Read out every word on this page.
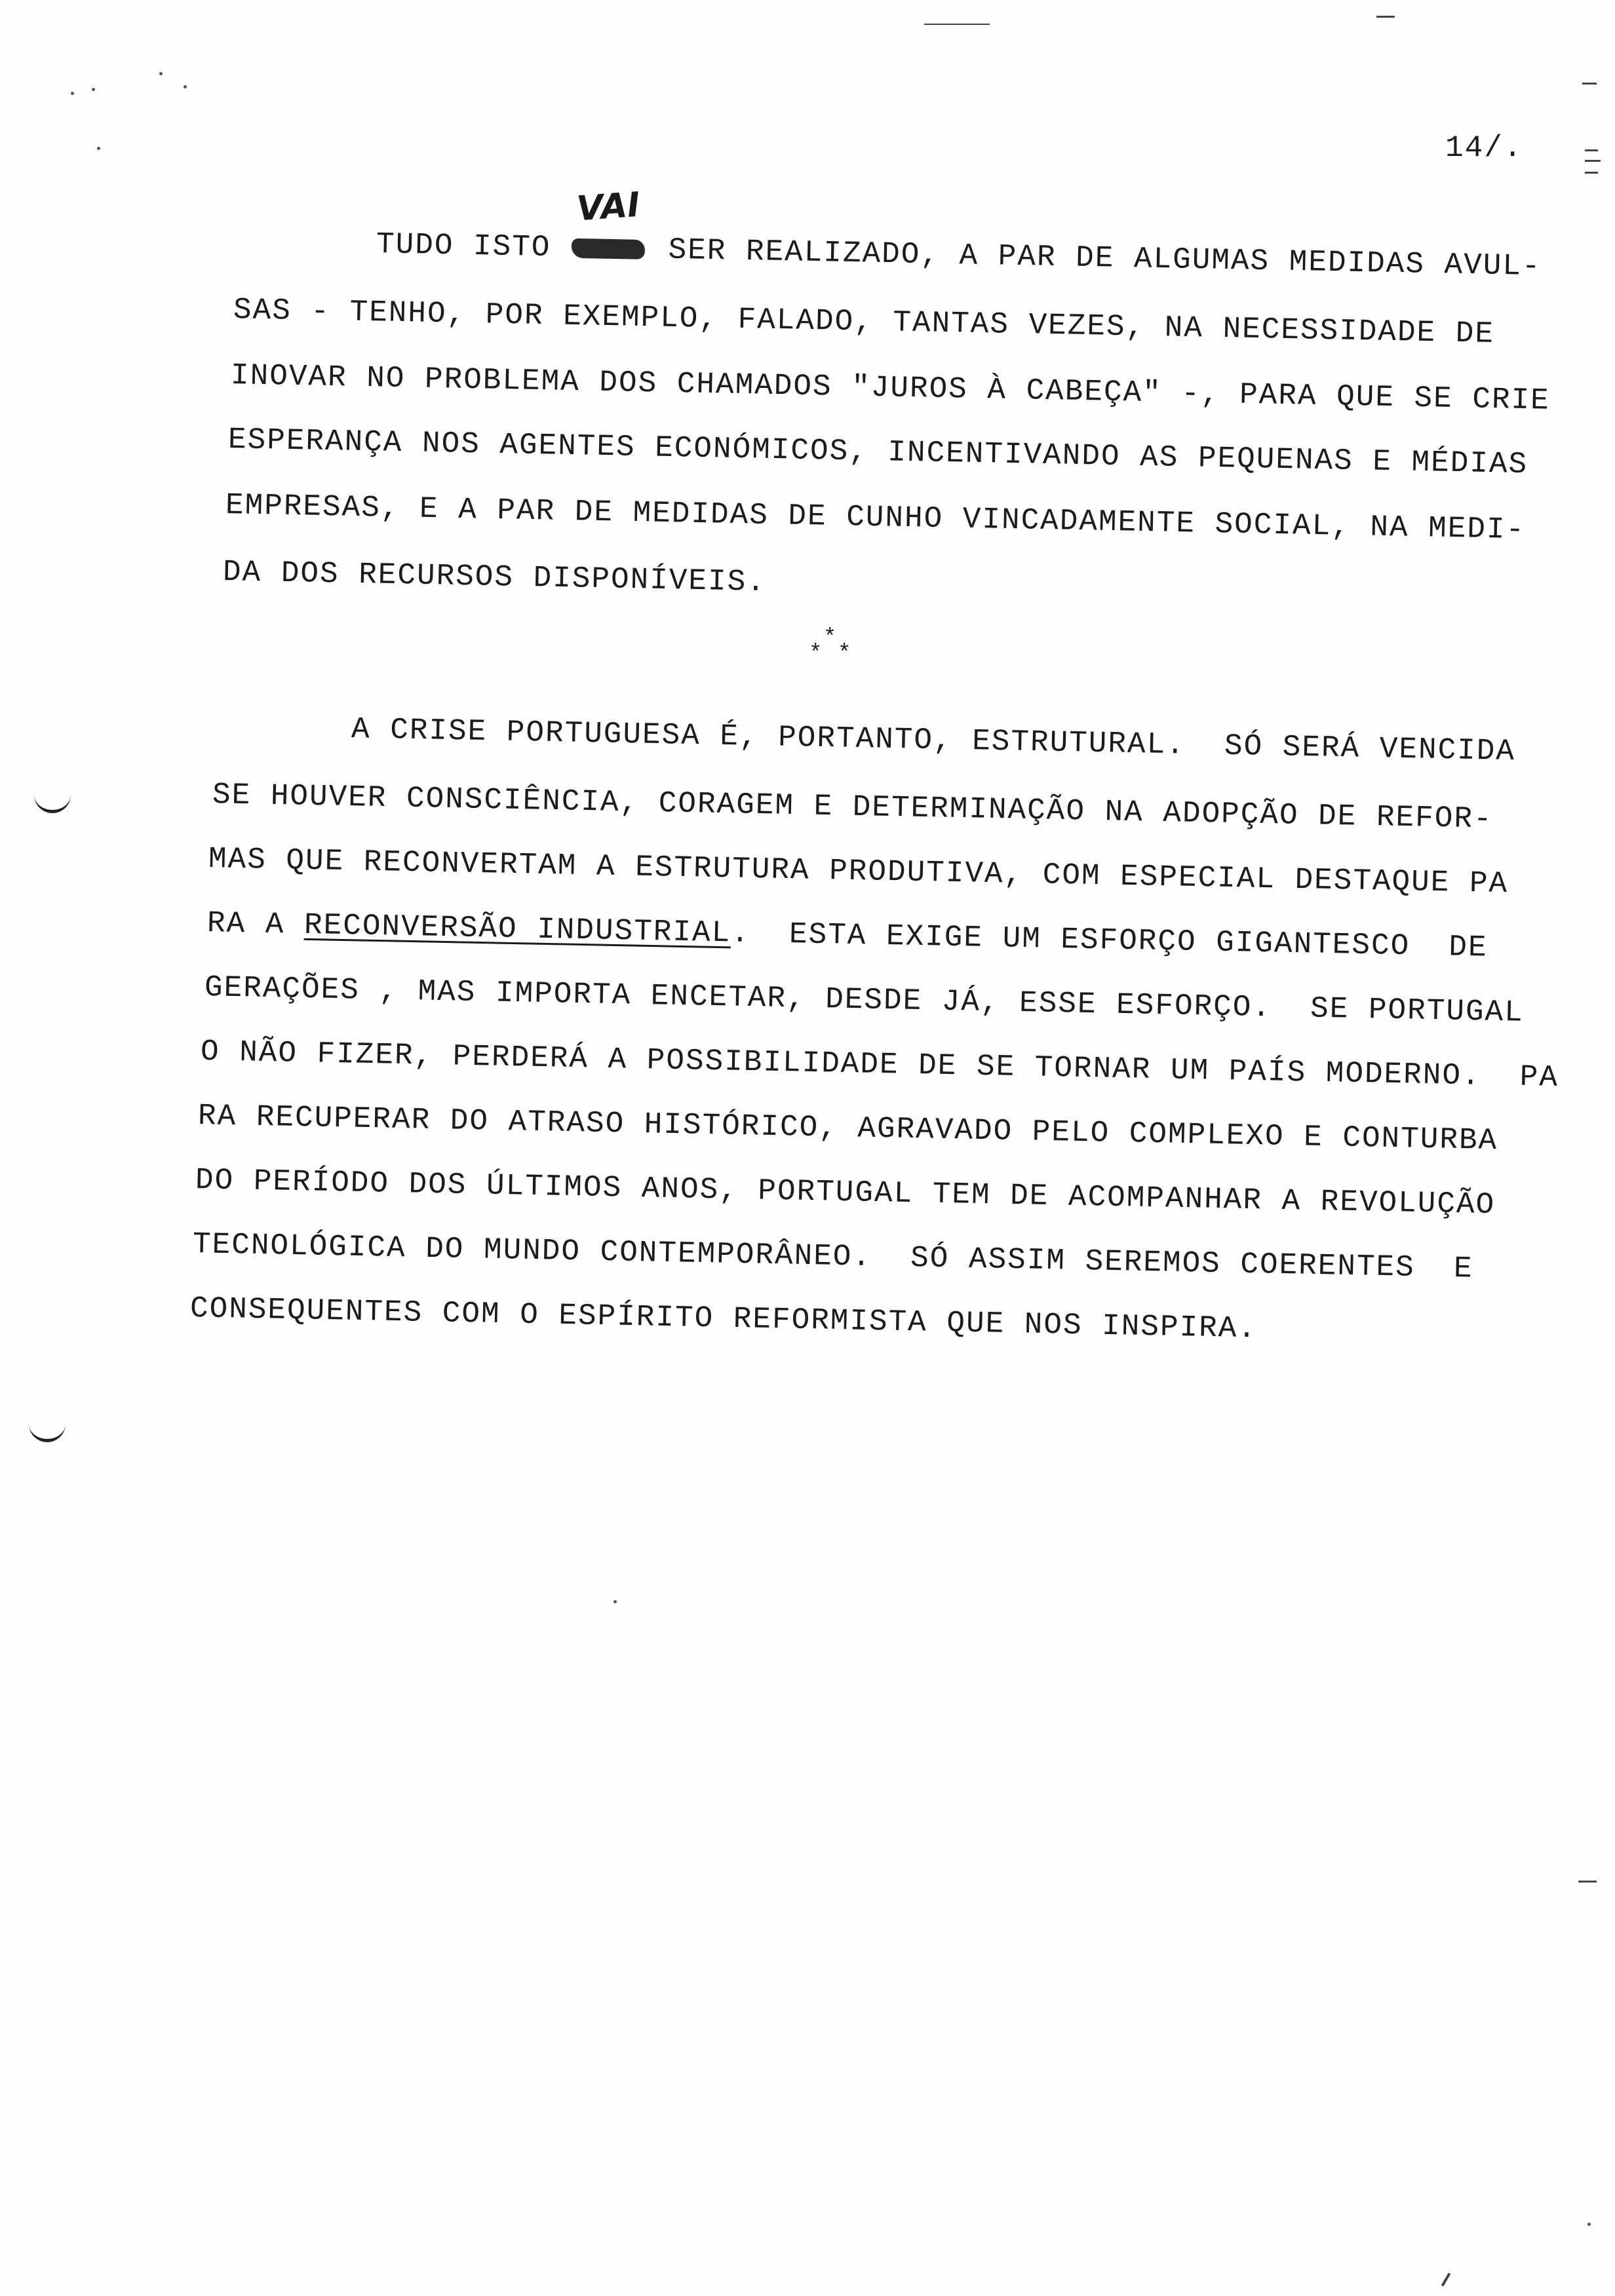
14/.
VAI
TUDO ISTO	SER REALIZADO, A PAR DE ALGUMAS MEDIDAS AVUL-
SAS - TENHO, POR EXEMPLO, FALADO, TANTAS VEZES, NA NECESSIDADE DE
INOVAR NO PROBLEMA DOS CHAMADOS "JUROS À CABEÇA" -, PARA QUE SE CRIE
ESPERANÇA NOS AGENTES ECONÓMICOS, INCENTIVANDO AS PEQUENAS E MÉDIAS
EMPRESAS, E A PAR DE MEDIDAS DE CUNHO VINCADAMENTE SOCIAL, NA MEDI-
DA DOS RECURSOS DISPONÍVEIS.
*
* *
A CRISE PORTUGUESA É, PORTANTO, ESTRUTURAL.  SÓ SERÁ VENCIDA
SE HOUVER CONSCIÊNCIA, CORAGEM E DETERMINAÇÃO NA ADOPÇÃO DE REFOR-
MAS QUE RECONVERTAM A ESTRUTURA PRODUTIVA, COM ESPECIAL DESTAQUE PA
RA A RECONVERSÃO INDUSTRIAL.  ESTA EXIGE UM ESFORÇO GIGANTESCO  DE
GERAÇÕES , MAS IMPORTA ENCETAR, DESDE JÁ, ESSE ESFORÇO.  SE PORTUGAL
O NÃO FIZER, PERDERÁ A POSSIBILIDADE DE SE TORNAR UM PAÍS MODERNO.  PA
RA RECUPERAR DO ATRASO HISTÓRICO, AGRAVADO PELO COMPLEXO E CONTURBA
DO PERÍODO DOS ÚLTIMOS ANOS, PORTUGAL TEM DE ACOMPANHAR A REVOLUÇÃO
TECNOLÓGICA DO MUNDO CONTEMPORÂNEO.  SÓ ASSIM SEREMOS COERENTES  E
CONSEQUENTES COM O ESPÍRITO REFORMISTA QUE NOS INSPIRA.
